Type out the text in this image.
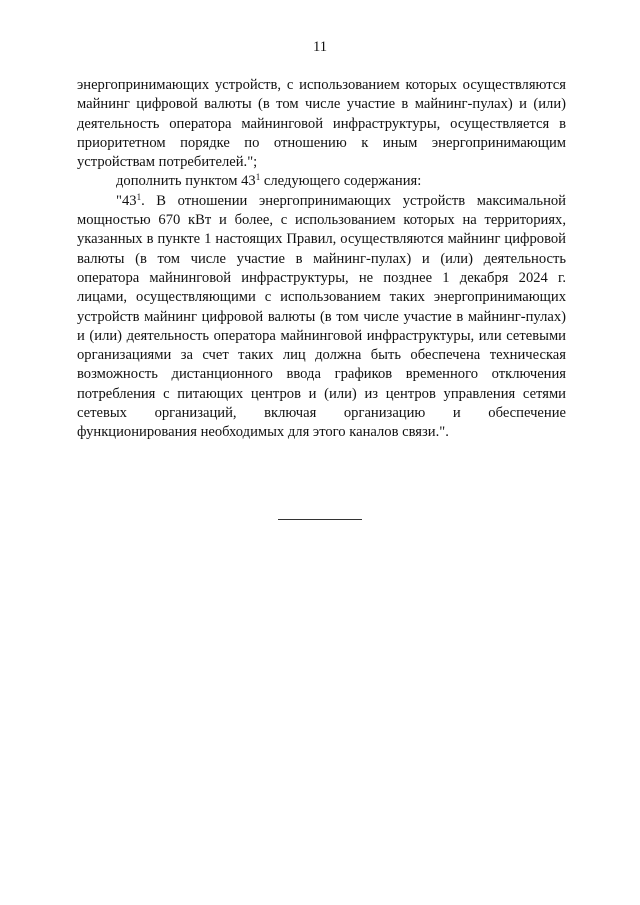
11

энергопринимающих устройств, с использованием которых осуществляются майнинг цифровой валюты (в том числе участие в майнинг-пулах) и (или) деятельность оператора майнинговой инфраструктуры, осуществляется в приоритетном порядке по отношению к иным энергопринимающим устройствам потребителей.";

дополнить пунктом $43^1$ следующего содержания:

"$43^1$. В отношении энергопринимающих устройств максимальной мощностью 670 кВт и более, с использованием которых на территориях, указанных в пункте 1 настоящих Правил, осуществляются майнинг цифровой валюты (в том числе участие в майнинг-пулах) и (или) деятельность оператора майнинговой инфраструктуры, не позднее 1 декабря 2024 г. лицами, осуществляющими с использованием таких энергопринимающих устройств майнинг цифровой валюты (в том числе участие в майнинг-пулах) и (или) деятельность оператора майнинговой инфраструктуры, или сетевыми организациями за счет таких лиц должна быть обеспечена техническая возможность дистанционного ввода графиков временного отключения потребления с питающих центров и (или) из центров управления сетями сетевых организаций, включая организацию и обеспечение функционирования необходимых для этого каналов связи.".
